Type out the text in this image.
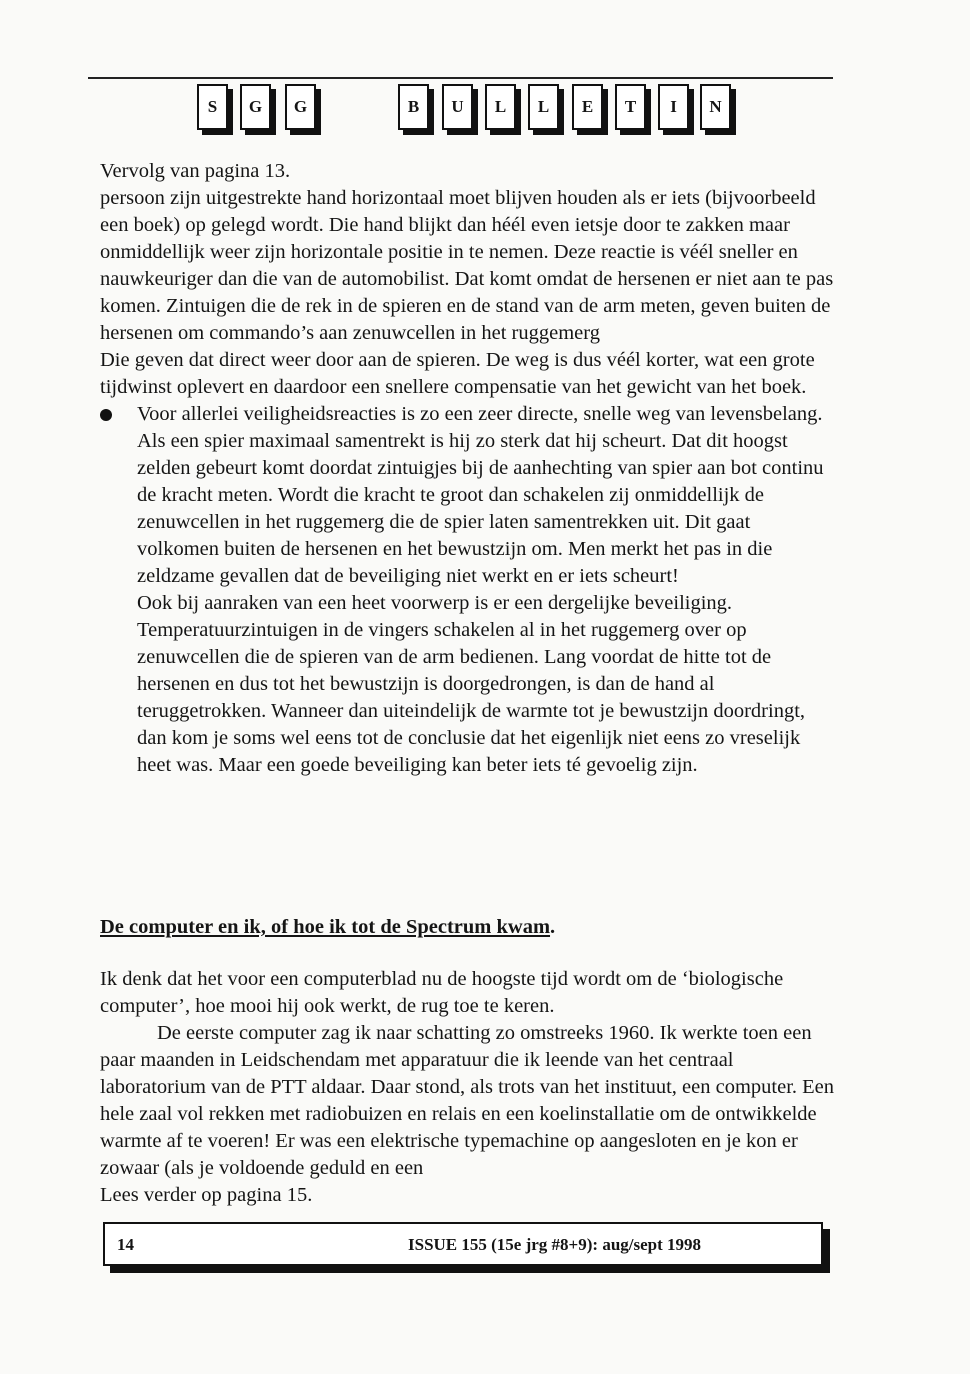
S	G	G	B	U	L	L	E	T	I	N

Vervolg van pagina 13.

persoon zijn uitgestrekte hand horizontaal moet blijven houden als er iets (bijvoorbeeld een boek) op gelegd wordt. Die hand blijkt dan héél even ietsje door te zakken maar onmiddellijk weer zijn horizontale positie in te nemen. Deze reactie is véél sneller en nauwkeuriger dan die van de automobilist. Dat komt omdat de hersenen er niet aan te pas komen. Zintuigen die de rek in de spieren en de stand van de arm meten, geven buiten de hersenen om commando’s aan zenuwcellen in het ruggemerg

Die geven dat direct weer door aan de spieren. De weg is dus véél korter, wat een grote tijdwinst oplevert en daardoor een snellere compensatie van het gewicht van het boek.

Voor allerlei veiligheidsreacties is zo een zeer directe, snelle weg van levensbelang. Als een spier maximaal samentrekt is hij zo sterk dat hij scheurt. Dat dit hoogst zelden gebeurt komt doordat zintuigjes bij de aanhechting van spier aan bot continu de kracht meten. Wordt die kracht te groot dan schakelen zij onmiddellijk de zenuwcellen in het ruggemerg die de spier laten samentrekken uit. Dit gaat volkomen buiten de hersenen en het bewustzijn om. Men merkt het pas in die zeldzame gevallen dat de beveiliging niet werkt en er iets scheurt!

Ook bij aanraken van een heet voorwerp is er een dergelijke beveiliging. Temperatuurzintuigen in de vingers schakelen al in het ruggemerg over op zenuwcellen die de spieren van de arm bedienen. Lang voordat de hitte tot de hersenen en dus tot het bewustzijn is doorgedrongen, is dan de hand al teruggetrokken. Wanneer dan uiteindelijk de warmte tot je bewustzijn doordringt, dan kom je soms wel eens tot de conclusie dat het eigenlijk niet eens zo vreselijk heet was. Maar een goede beveiliging kan beter iets té gevoelig zijn.

De computer en ik, of hoe ik tot de Spectrum kwam.

Ik denk dat het voor een computerblad nu de hoogste tijd wordt om de ‘biologische computer’, hoe mooi hij ook werkt, de rug toe te keren.

De eerste computer zag ik naar schatting zo omstreeks 1960. Ik werkte toen een paar maanden in Leidschendam met apparatuur die ik leende van het centraal laboratorium van de PTT aldaar. Daar stond, als trots van het instituut, een computer. Een hele zaal vol rekken met radiobuizen en relais en een koelinstallatie om de ontwikkelde warmte af te voeren! Er was een elektrische typemachine op aangesloten en je kon er zowaar (als je voldoende geduld en een

Lees verder op pagina 15.

14	ISSUE 155 (15e jrg #8+9): aug/sept 1998
